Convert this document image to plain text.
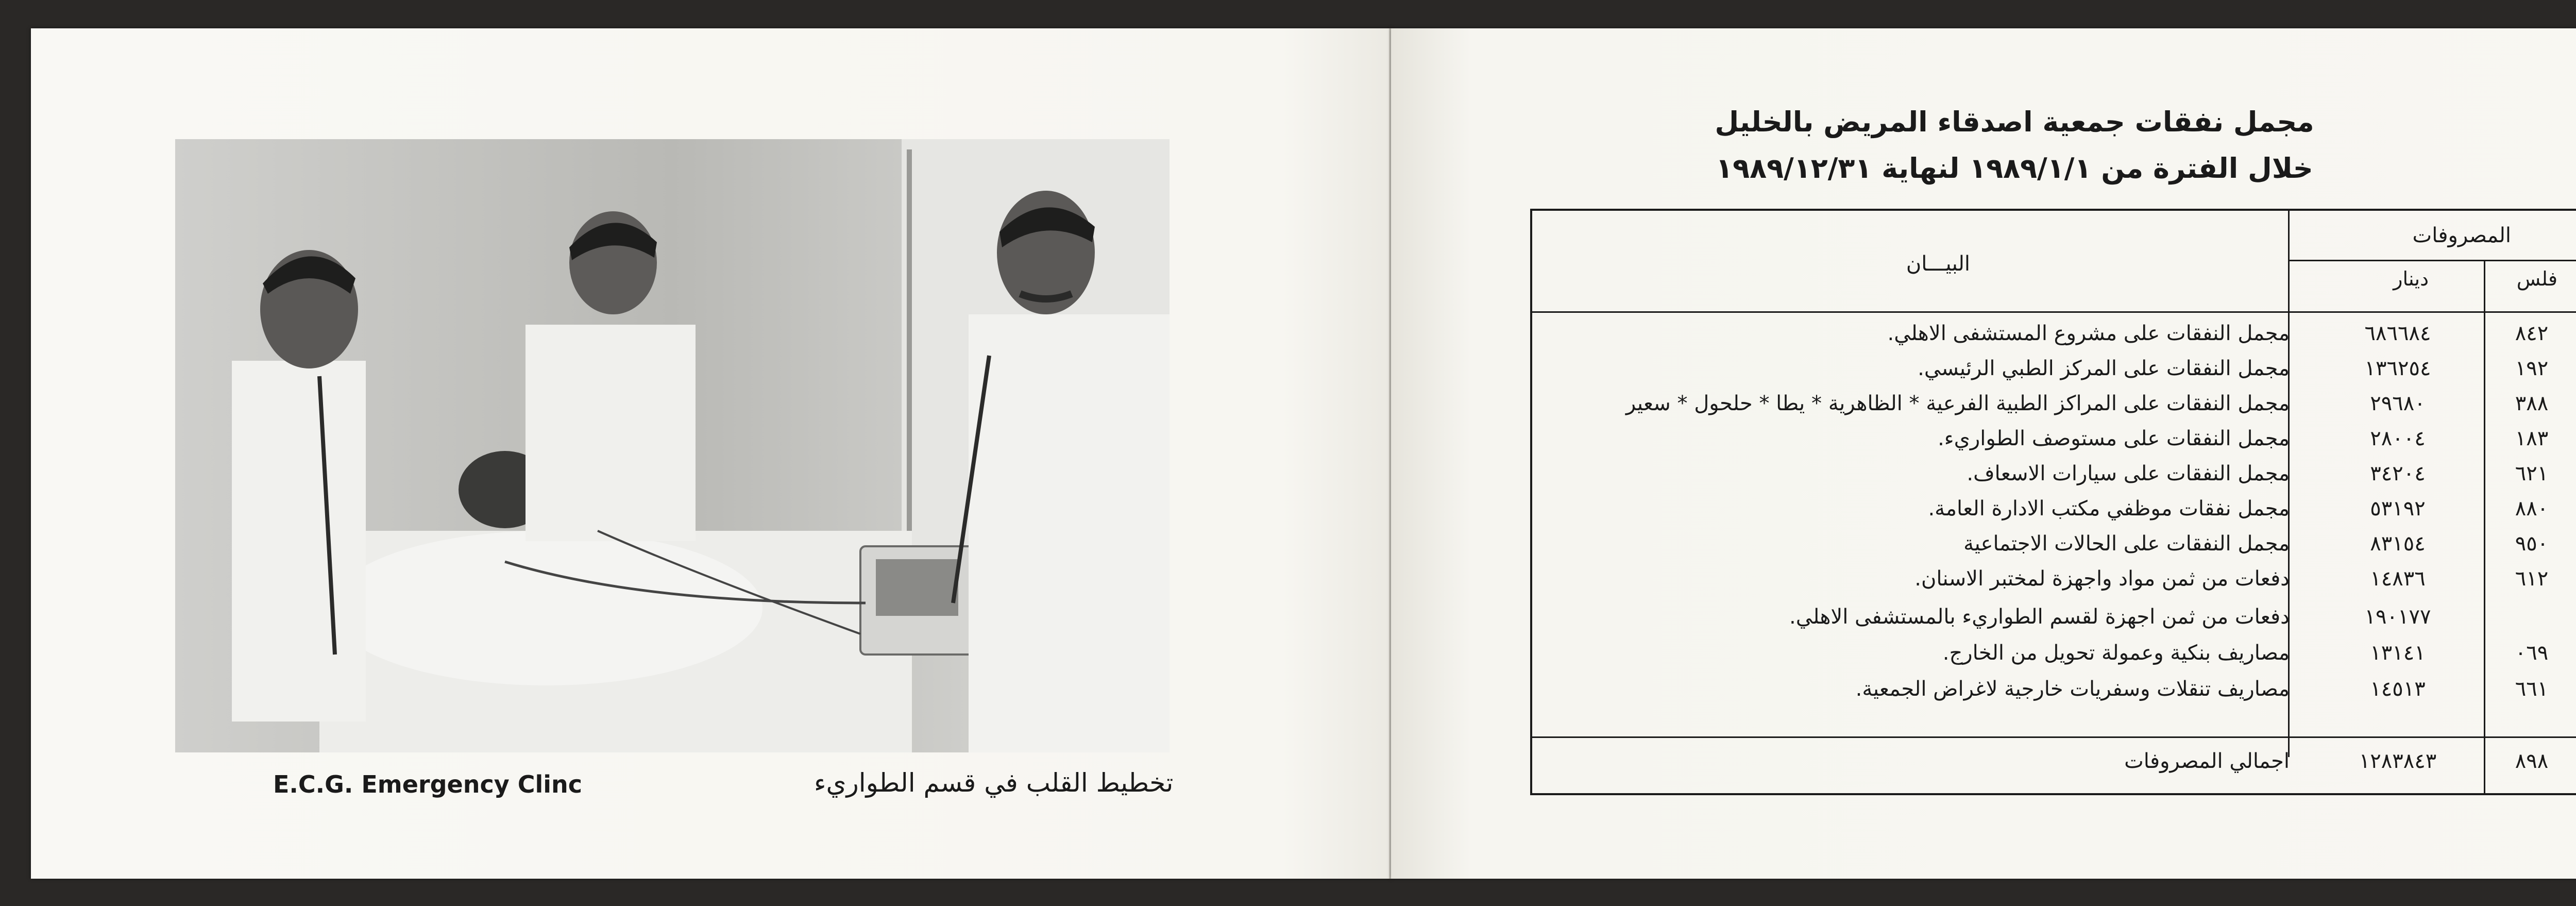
E.C.G. Emergency Clinc	تخطيط القلب في قسم الطواريء
مجمل نفقات جمعية اصدقاء المريض بالخليل
خلال الفترة من ١٩٨٩/١/١ لنهاية ١٩٨٩/١٢/٣١
المصروفات
البيـــان
فلس
دينار
٨٤٢
٦٨٦٦٨٤
مجمل النفقات على مشروع المستشفى الاهلي.
١٩٢
١٣٦٢٥٤
مجمل النفقات على المركز الطبي الرئيسي.
٣٨٨
٢٩٦٨٠
مجمل النفقات على المراكز الطبية الفرعية * الظاهرية * يطا * حلحول * سعير
١٨٣
٢٨٠٠٤
مجمل النفقات على مستوصف الطواريء.
٦٢١
٣٤٢٠٤
مجمل النفقات على سيارات الاسعاف.
٨٨٠
٥٣١٩٢
مجمل نفقات موظفي مكتب الادارة العامة.
٩٥٠
٨٣١٥٤
مجمل النفقات على الحالات الاجتماعية
٦١٢
١٤٨٣٦
دفعات من ثمن مواد واجهزة لمختبر الاسنان.
١٩٠١٧٧
دفعات من ثمن اجهزة لقسم الطواريء بالمستشفى الاهلي.
٠٦٩
١٣١٤١
مصاريف بنكية وعمولة تحويل من الخارج.
٦٦١
١٤٥١٣
مصاريف تنقلات وسفريات خارجية لاغراض الجمعية.
٨٩٨
١٢٨٣٨٤٣
اجمالي المصروفات
